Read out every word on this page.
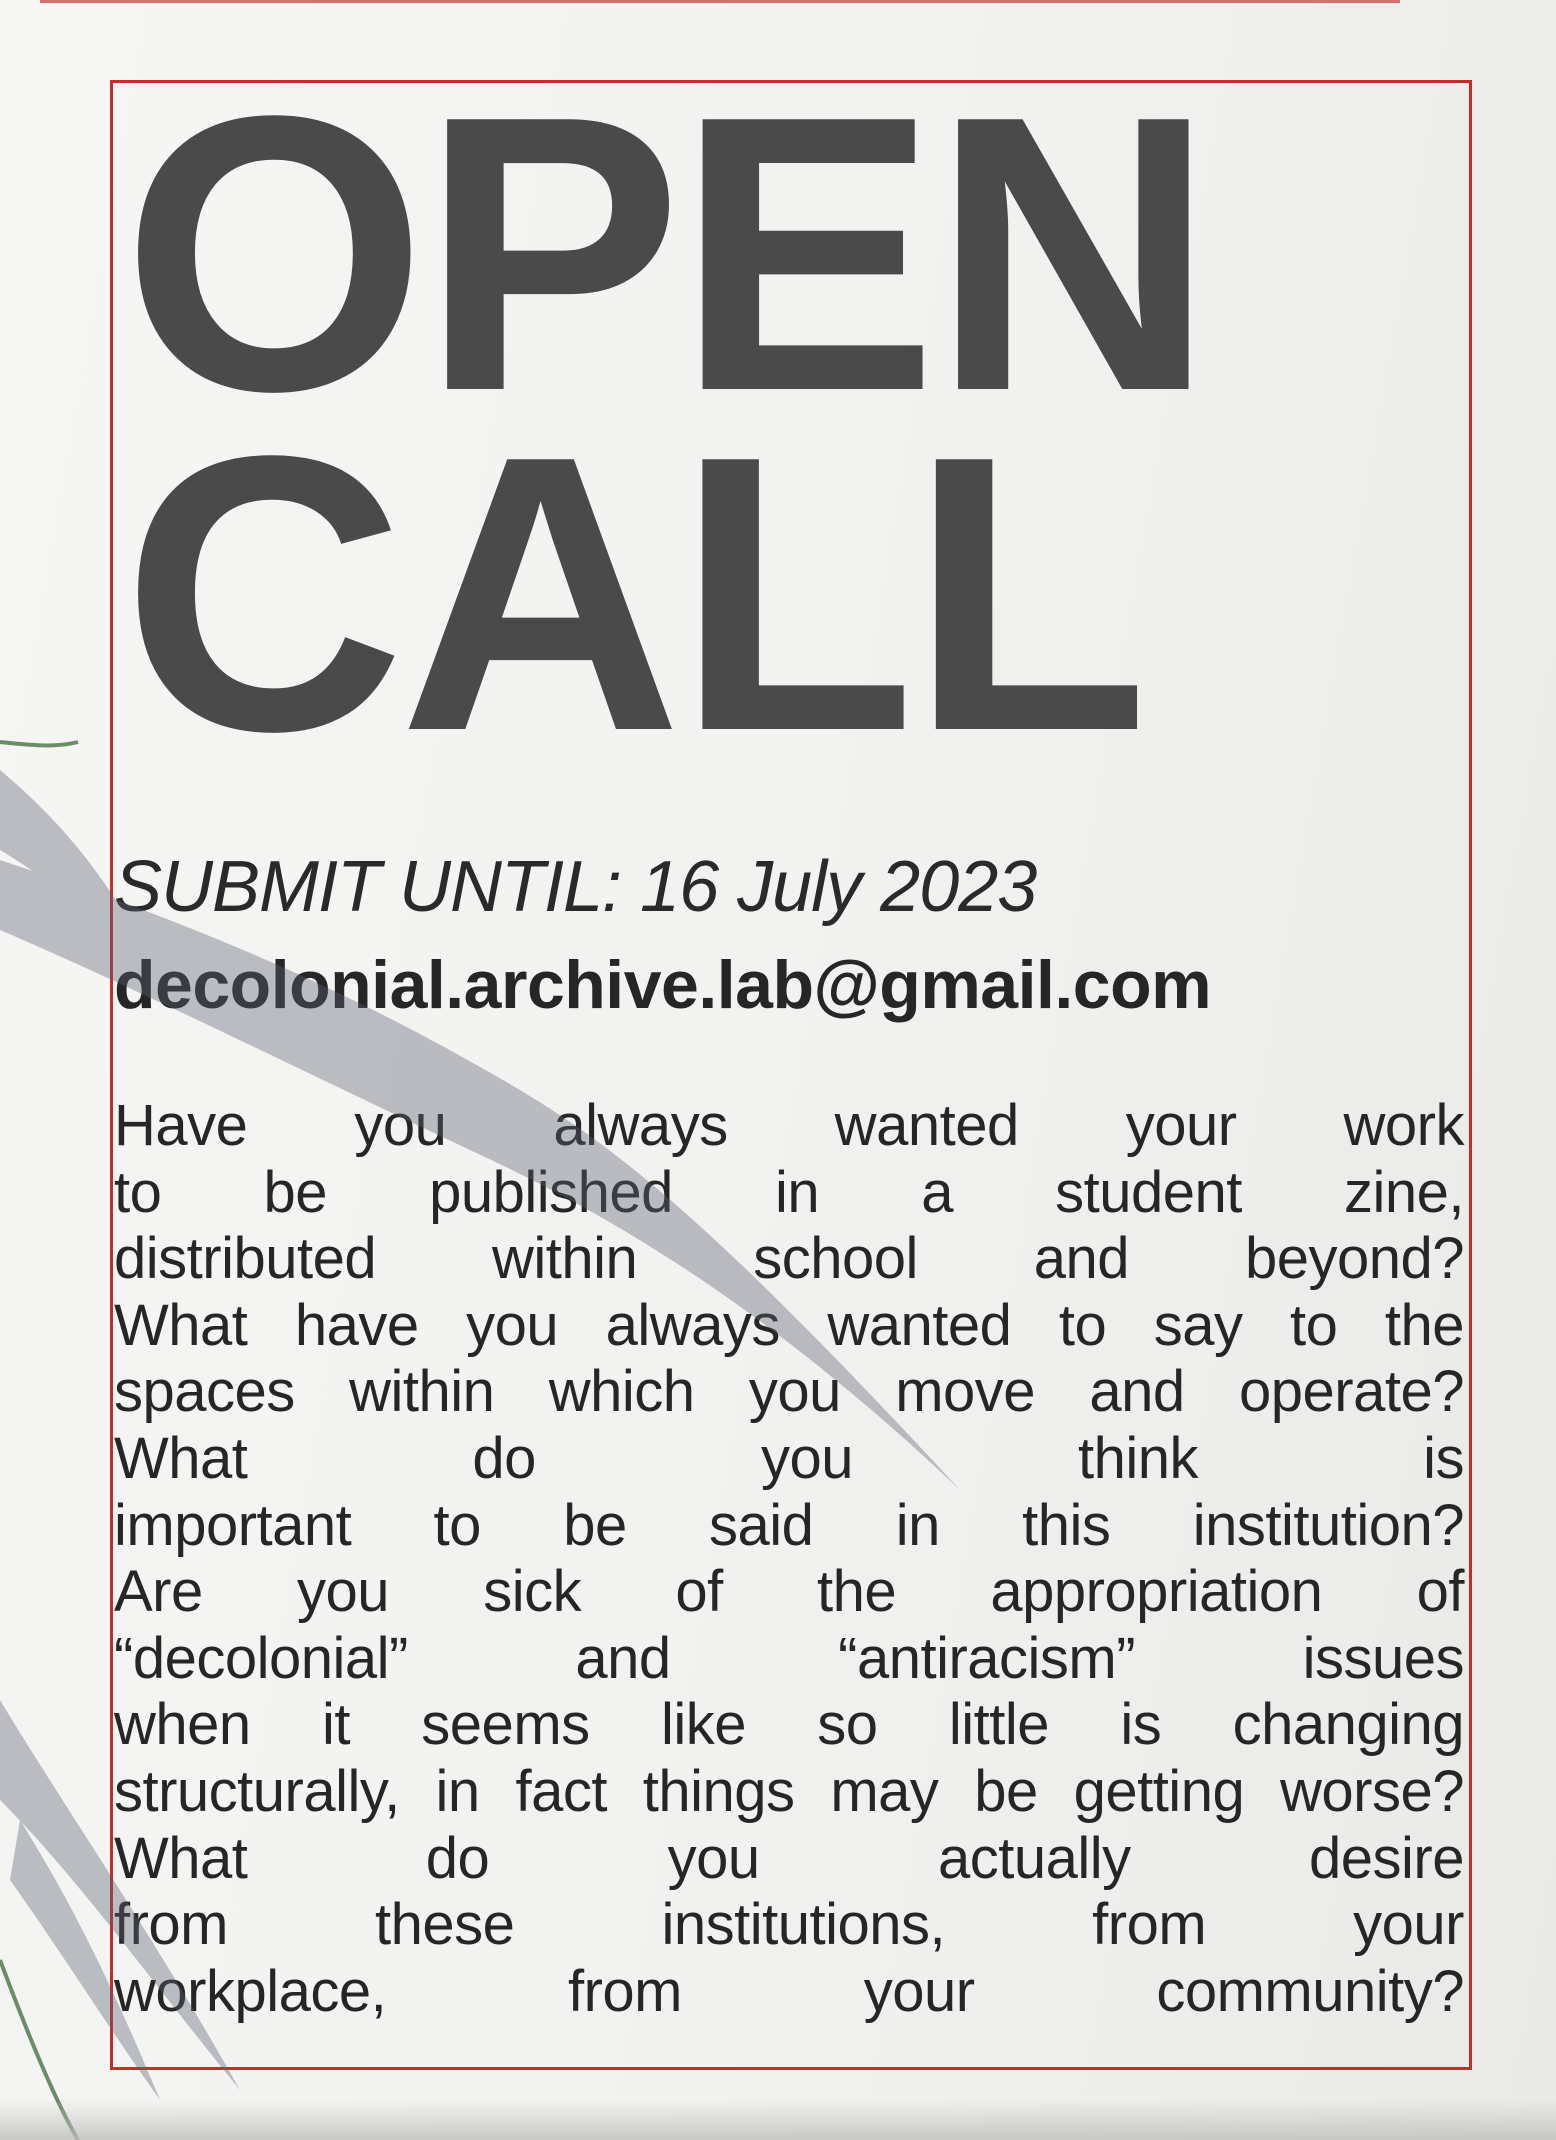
OPEN
CALL
SUBMIT UNTIL: 16 July 2023
decolonial.archive.lab@gmail.com
Have you always wanted your work
to be published in a student zine,
distributed within school and beyond?
What have you always wanted to say to the
spaces within which you move and operate?
What do you think is
important to be said in this institution?
Are you sick of the appropriation of
“decolonial” and “antiracism” issues
when it seems like so little is changing
structurally, in fact things may be getting worse?
What do you actually desire
from these institutions, from your
workplace, from your community?
